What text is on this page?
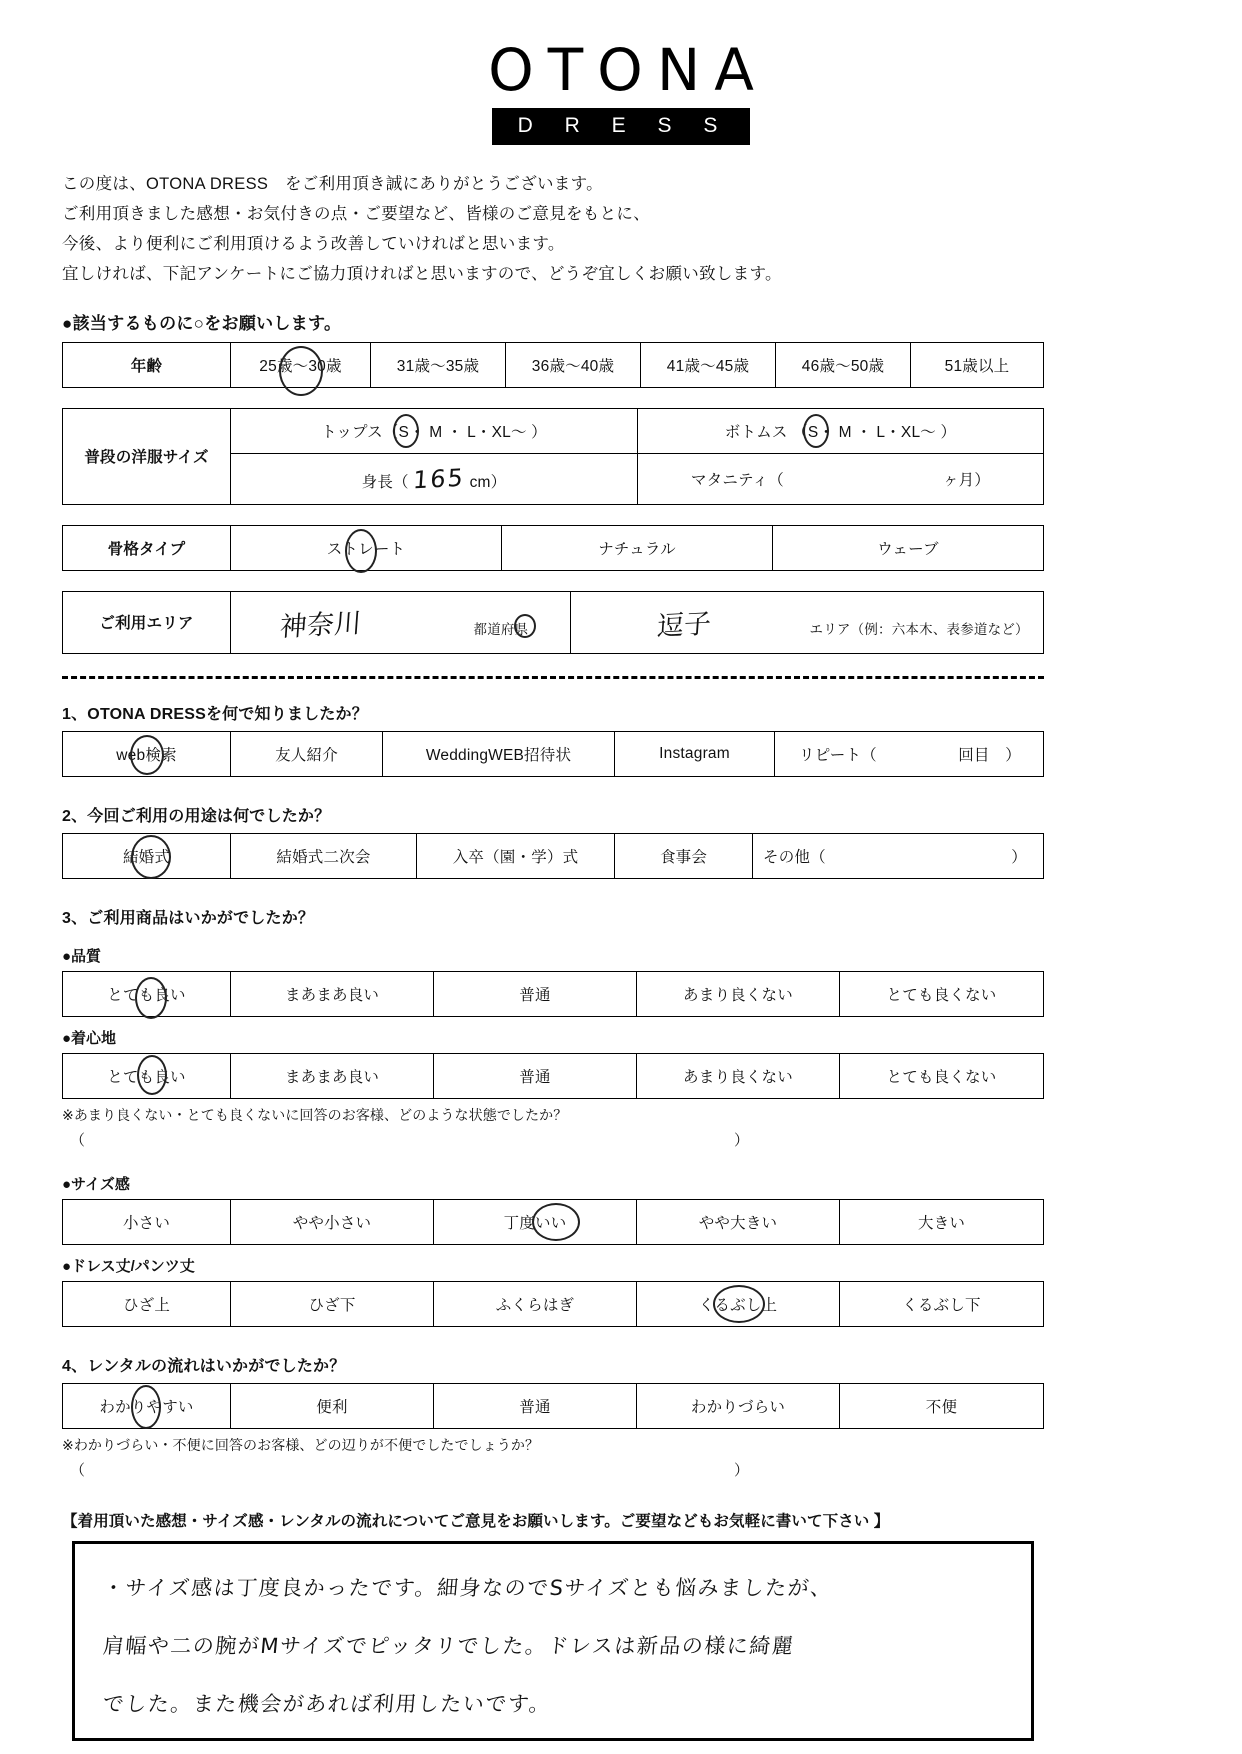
OTONA
D R E S S
この度は、OTONA DRESS　をご利用頂き誠にありがとうございます。
ご利用頂きました感想・お気付きの点・ご要望など、皆様のご意見をもとに、
今後、より便利にご利用頂けるよう改善していければと思います。
宜しければ、下記アンケートにご協力頂ければと思いますので、どうぞ宜しくお願い致します。
●該当するものに○をお願いします。
年齢	25歳～30歳	31歳～35歳	36歳～40歳	41歳～45歳	46歳～50歳	51歳以上
普段の洋服サイズ	トップス（S・ M ・ L・XL～ ）	ボトムス （S・ M ・ L・XL～ ）

	身長（ 165 cm）	マタニティ（ ヶ月）
骨格タイプ	ストレート	ナチュラル	ウェーブ
ご利用エリア	神奈川	都道府県	逗子	エリア（例：六本木、表参道など）
1、OTONA DRESSを何で知りましたか？
web検索	友人紹介	WeddingWEB招待状	Instagram	リピート（	回目　）
2、今回ご利用の用途は何でしたか？
結婚式	結婚式二次会	入卒（園・学）式	食事会	その他（	）
3、ご利用商品はいかがでしたか？
●品質
とても良い	まあまあ良い	普通	あまり良くない	とても良くない
●着心地
とても良い	まあまあ良い	普通	あまり良くない	とても良くない
※あまり良くない・とても良くないに回答のお客様、どのような状態でしたか？
（	）
●サイズ感
小さい	やや小さい	丁度いい	やや大きい	大きい
●ドレス丈/パンツ丈
ひざ上	ひざ下	ふくらはぎ	くるぶし上	くるぶし下
4、レンタルの流れはいかがでしたか？
わかりやすい	便利	普通	わかりづらい	不便
※わかりづらい・不便に回答のお客様、どの辺りが不便でしたでしょうか？
（	）
【着用頂いた感想・サイズ感・レンタルの流れについてご意見をお願いします。ご要望などもお気軽に書いて下さい 】
・サイズ感は丁度良かったです。細身なのでSサイズとも悩みましたが、
肩幅や二の腕がMサイズでピッタリでした。ドレスは新品の様に綺麗
でした。また機会があれば利用したいです。
